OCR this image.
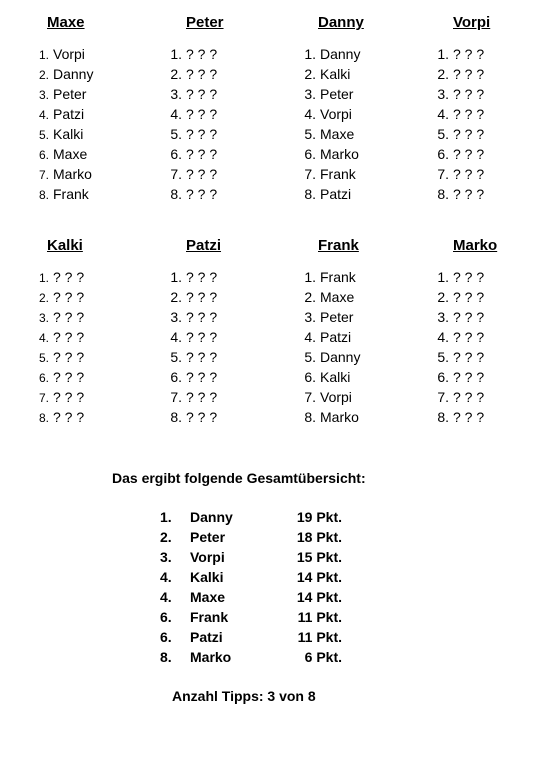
Maxe
1. Vorpi
2. Danny
3. Peter
4. Patzi
5. Kalki
6. Maxe
7. Marko
8. Frank
Peter
1. ? ? ?
2. ? ? ?
3. ? ? ?
4. ? ? ?
5. ? ? ?
6. ? ? ?
7. ? ? ?
8. ? ? ?
Danny
1. Danny
2. Kalki
3. Peter
4. Vorpi
5. Maxe
6. Marko
7. Frank
8. Patzi
Vorpi
1. ? ? ?
2. ? ? ?
3. ? ? ?
4. ? ? ?
5. ? ? ?
6. ? ? ?
7. ? ? ?
8. ? ? ?
Kalki
1. ? ? ?
2. ? ? ?
3. ? ? ?
4. ? ? ?
5. ? ? ?
6. ? ? ?
7. ? ? ?
8. ? ? ?
Patzi
1. ? ? ?
2. ? ? ?
3. ? ? ?
4. ? ? ?
5. ? ? ?
6. ? ? ?
7. ? ? ?
8. ? ? ?
Frank
1. Frank
2. Maxe
3. Peter
4. Patzi
5. Danny
6. Kalki
7. Vorpi
8. Marko
Marko
1. ? ? ?
2. ? ? ?
3. ? ? ?
4. ? ? ?
5. ? ? ?
6. ? ? ?
7. ? ? ?
8. ? ? ?
Das ergibt folgende Gesamtübersicht:
1.	Danny	19 Pkt.
2.	Peter	18 Pkt.
3.	Vorpi	15 Pkt.
4.	Kalki	14 Pkt.
4.	Maxe	14 Pkt.
6.	Frank	11 Pkt.
6.	Patzi	11 Pkt.
8.	Marko	6 Pkt.
Anzahl Tipps: 3 von 8
